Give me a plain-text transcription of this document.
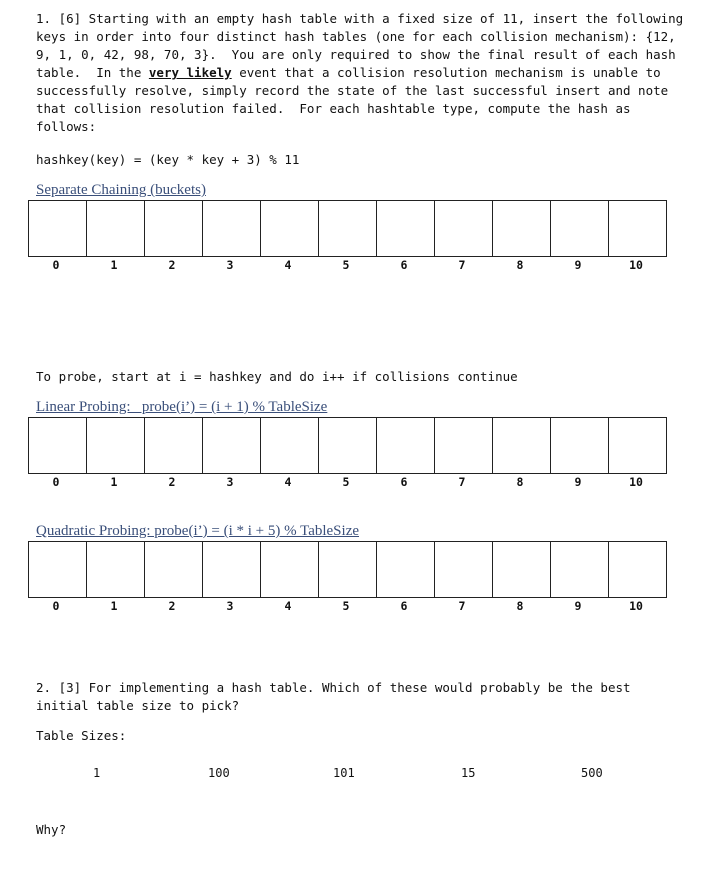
1. [6] Starting with an empty hash table with a fixed size of 11, insert the following keys in order into four distinct hash tables (one for each collision mechanism): {12, 9, 1, 0, 42, 98, 70, 3}.  You are only required to show the final result of each hash table.  In the very likely event that a collision resolution mechanism is unable to successfully resolve, simply record the state of the last successful insert and note that collision resolution failed.  For each hashtable type, compute the hash as follows:
hashkey(key) = (key * key + 3) % 11
Separate Chaining (buckets)
0	1	2	3	4	5	6	7	8	9	10
To probe, start at i = hashkey and do i++ if collisions continue
Linear Probing:   probe(i’) = (i + 1) % TableSize
0	1	2	3	4	5	6	7	8	9	10
Quadratic Probing: probe(i’) = (i * i + 5) % TableSize
0	1	2	3	4	5	6	7	8	9	10
2. [3] For implementing a hash table. Which of these would probably be the best initial table size to pick?
Table Sizes:
1	100	101	15	500
Why?
